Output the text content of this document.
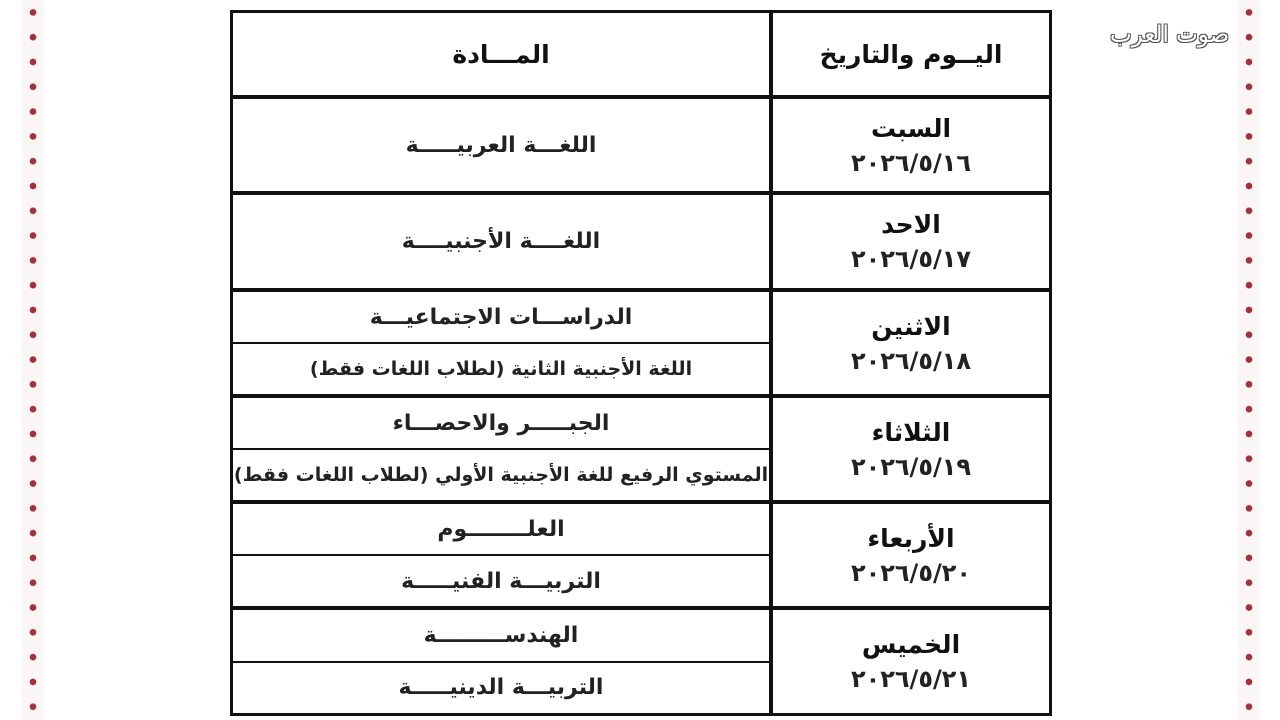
صوت العرب
المـــادة	اليــوم والتاريخ
اللغـــة العربيـــــة
السبت
٢٠٢٦/٥/١٦
اللغــــة الأجنبيــــة
الاحد
٢٠٢٦/٥/١٧
الدراســـات الاجتماعيـــة
اللغة الأجنبية الثانية (لطلاب اللغات فقط)
الاثنين
٢٠٢٦/٥/١٨
الجبـــــر والاحصـــاء
المستوي الرفيع للغة الأجنبية الأولي (لطلاب اللغات فقط)
الثلاثاء
٢٠٢٦/٥/١٩
العلــــــــوم
التربيـــة الفنيـــــة
الأربعاء
٢٠٢٦/٥/٢٠
الهندســـــــــة
التربيـــة الدينيـــــة
الخميس
٢٠٢٦/٥/٢١
